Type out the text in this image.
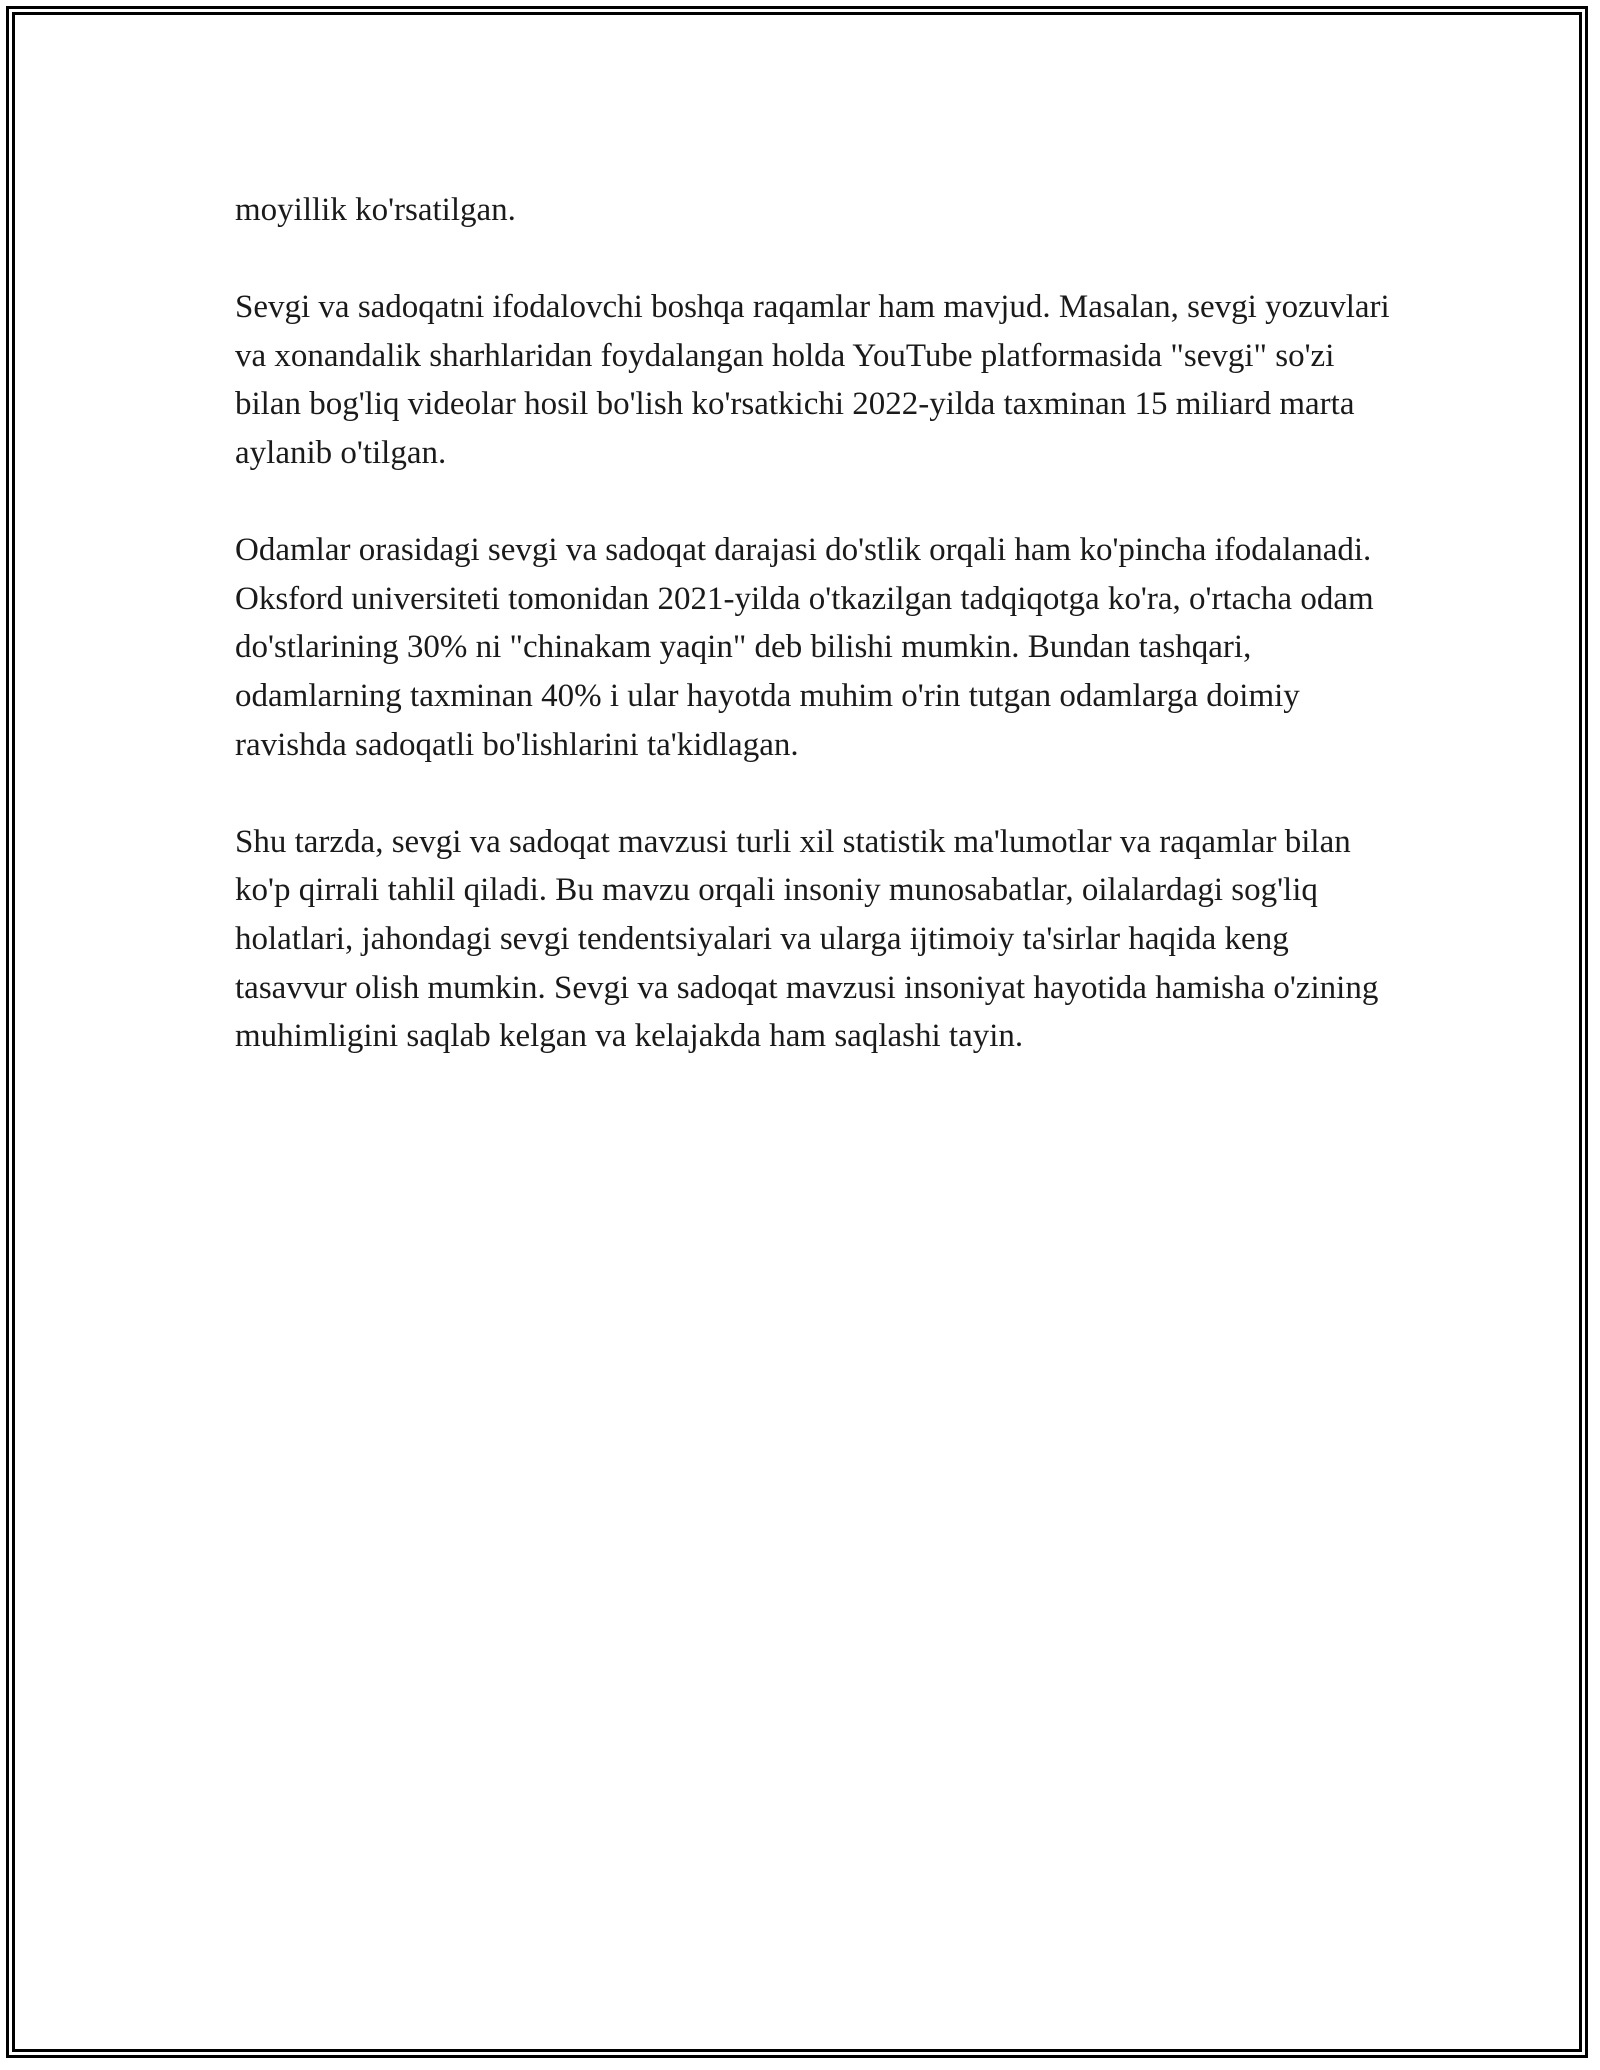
moyillik ko'rsatilgan.

Sevgi va sadoqatni ifodalovchi boshqa raqamlar ham mavjud. Masalan, sevgi yozuvlari va xonandalik sharhlaridan foydalangan holda YouTube platformasida "sevgi" so'zi bilan bog'liq videolar hosil bo'lish ko'rsatkichi 2022-yilda taxminan 15 miliard marta aylanib o'tilgan.

Odamlar orasidagi sevgi va sadoqat darajasi do'stlik orqali ham ko'pincha ifodalanadi. Oksford universiteti tomonidan 2021-yilda o'tkazilgan tadqiqotga ko'ra, o'rtacha odam do'stlarining 30% ni "chinakam yaqin" deb bilishi mumkin. Bundan tashqari, odamlarning taxminan 40% i ular hayotda muhim o'rin tutgan odamlarga doimiy ravishda sadoqatli bo'lishlarini ta'kidlagan.

Shu tarzda, sevgi va sadoqat mavzusi turli xil statistik ma'lumotlar va raqamlar bilan ko'p qirrali tahlil qiladi. Bu mavzu orqali insoniy munosabatlar, oilalardagi sog'liq holatlari, jahondagi sevgi tendentsiyalari va ularga ijtimoiy ta'sirlar haqida keng tasavvur olish mumkin. Sevgi va sadoqat mavzusi insoniyat hayotida hamisha o'zining muhimligini saqlab kelgan va kelajakda ham saqlashi tayin.
